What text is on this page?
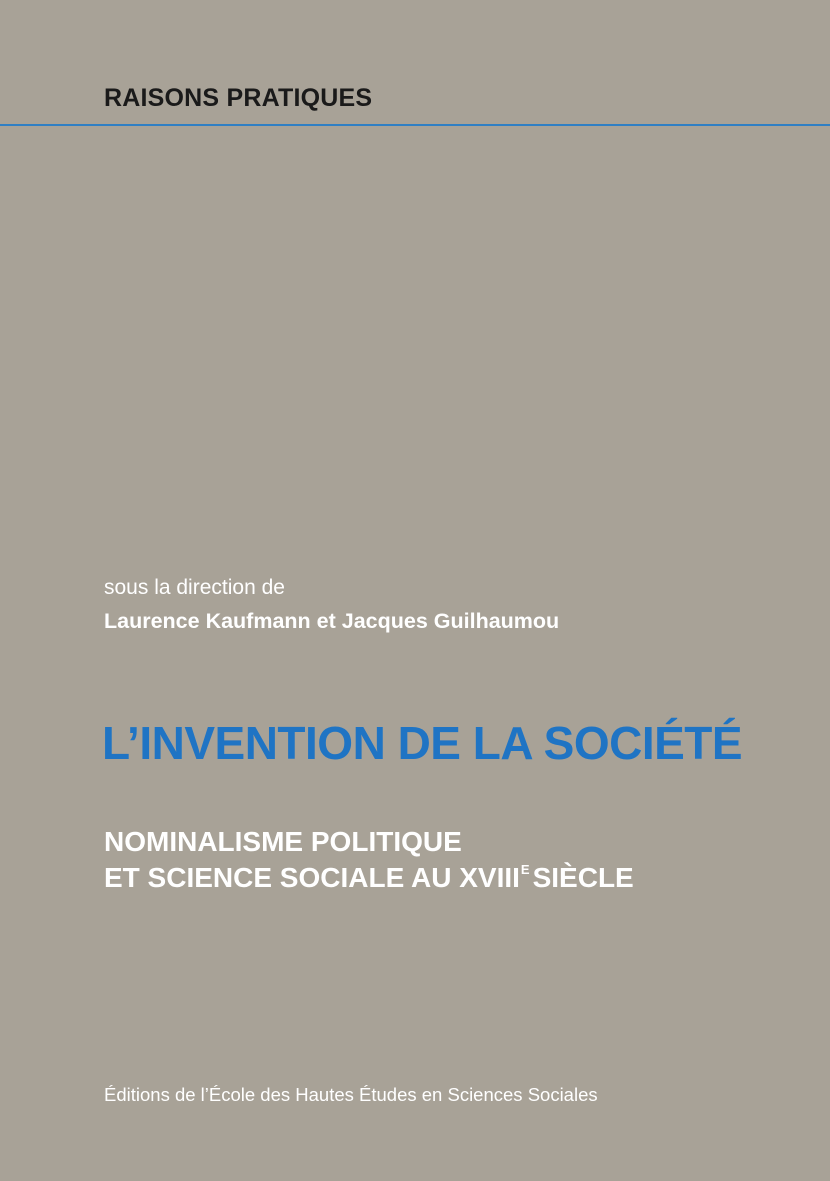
RAISONS PRATIQUES
sous la direction de
Laurence Kaufmann et Jacques Guilhaumou
L’INVENTION DE LA SOCIÉTÉ
NOMINALISME POLITIQUE
ET SCIENCE SOCIALE AU $XVIII^E$ SIÈCLE
Éditions de l’École des Hautes Études en Sciences Sociales
